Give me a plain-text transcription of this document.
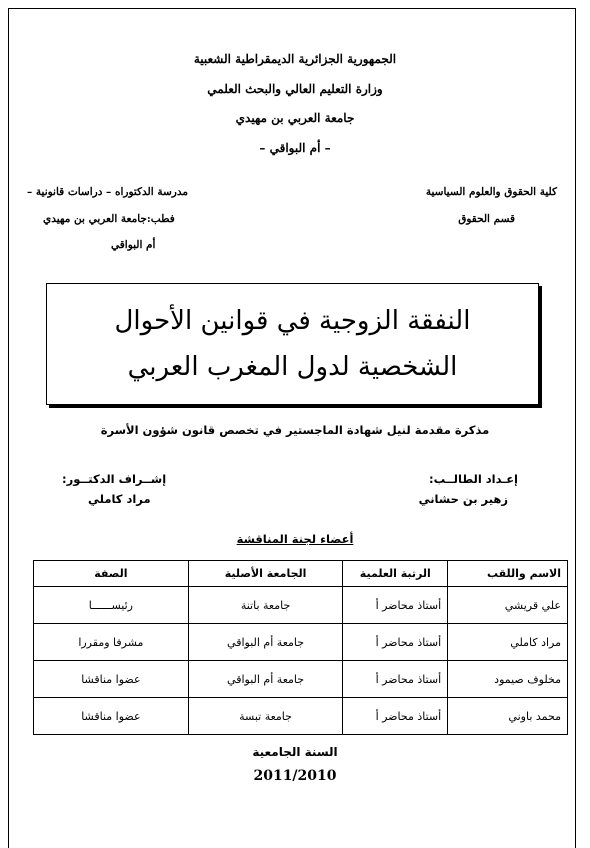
الجمهورية الجزائرية الديمقراطية الشعبية
وزارة التعليم العالي والبحث العلمي
جامعة العربي بن مهيدي
– أم البواقي –
كلية الحقوق والعلوم السياسية
قسم الحقوق
مدرسة الدكتوراه – دراسات قانونية –
فطب:جامعة العربي بن مهيدي
أم البواقي
النفقة الزوجية في قوانين الأحوال
الشخصية لدول المغرب العربي
مذكرة مقدمة لنيل شهادة الماجستير في تخصص قانون شؤون الأسرة
إعـداد الطالــب:
زهير بن حشاني
إشــراف الدكتــور:
مراد كاملي
أعضاء لجنة المناقشة
الاسم واللقب	الرتبة العلمية	الجامعة الأصلية	الصفة
علي قريشي	أستاذ محاضر أ	جامعة باتنة	رئيســــــا
مراد كاملي	أستاذ محاضر أ	جامعة أم البواقي	مشرفا ومقررا
مخلوف صيمود	أستاذ محاضر أ	جامعة أم البواقي	عضوا مناقشا
محمد باوني	أستاذ محاضر أ	جامعة تبسة	عضوا مناقشا
السنة الجامعية
2011/2010
